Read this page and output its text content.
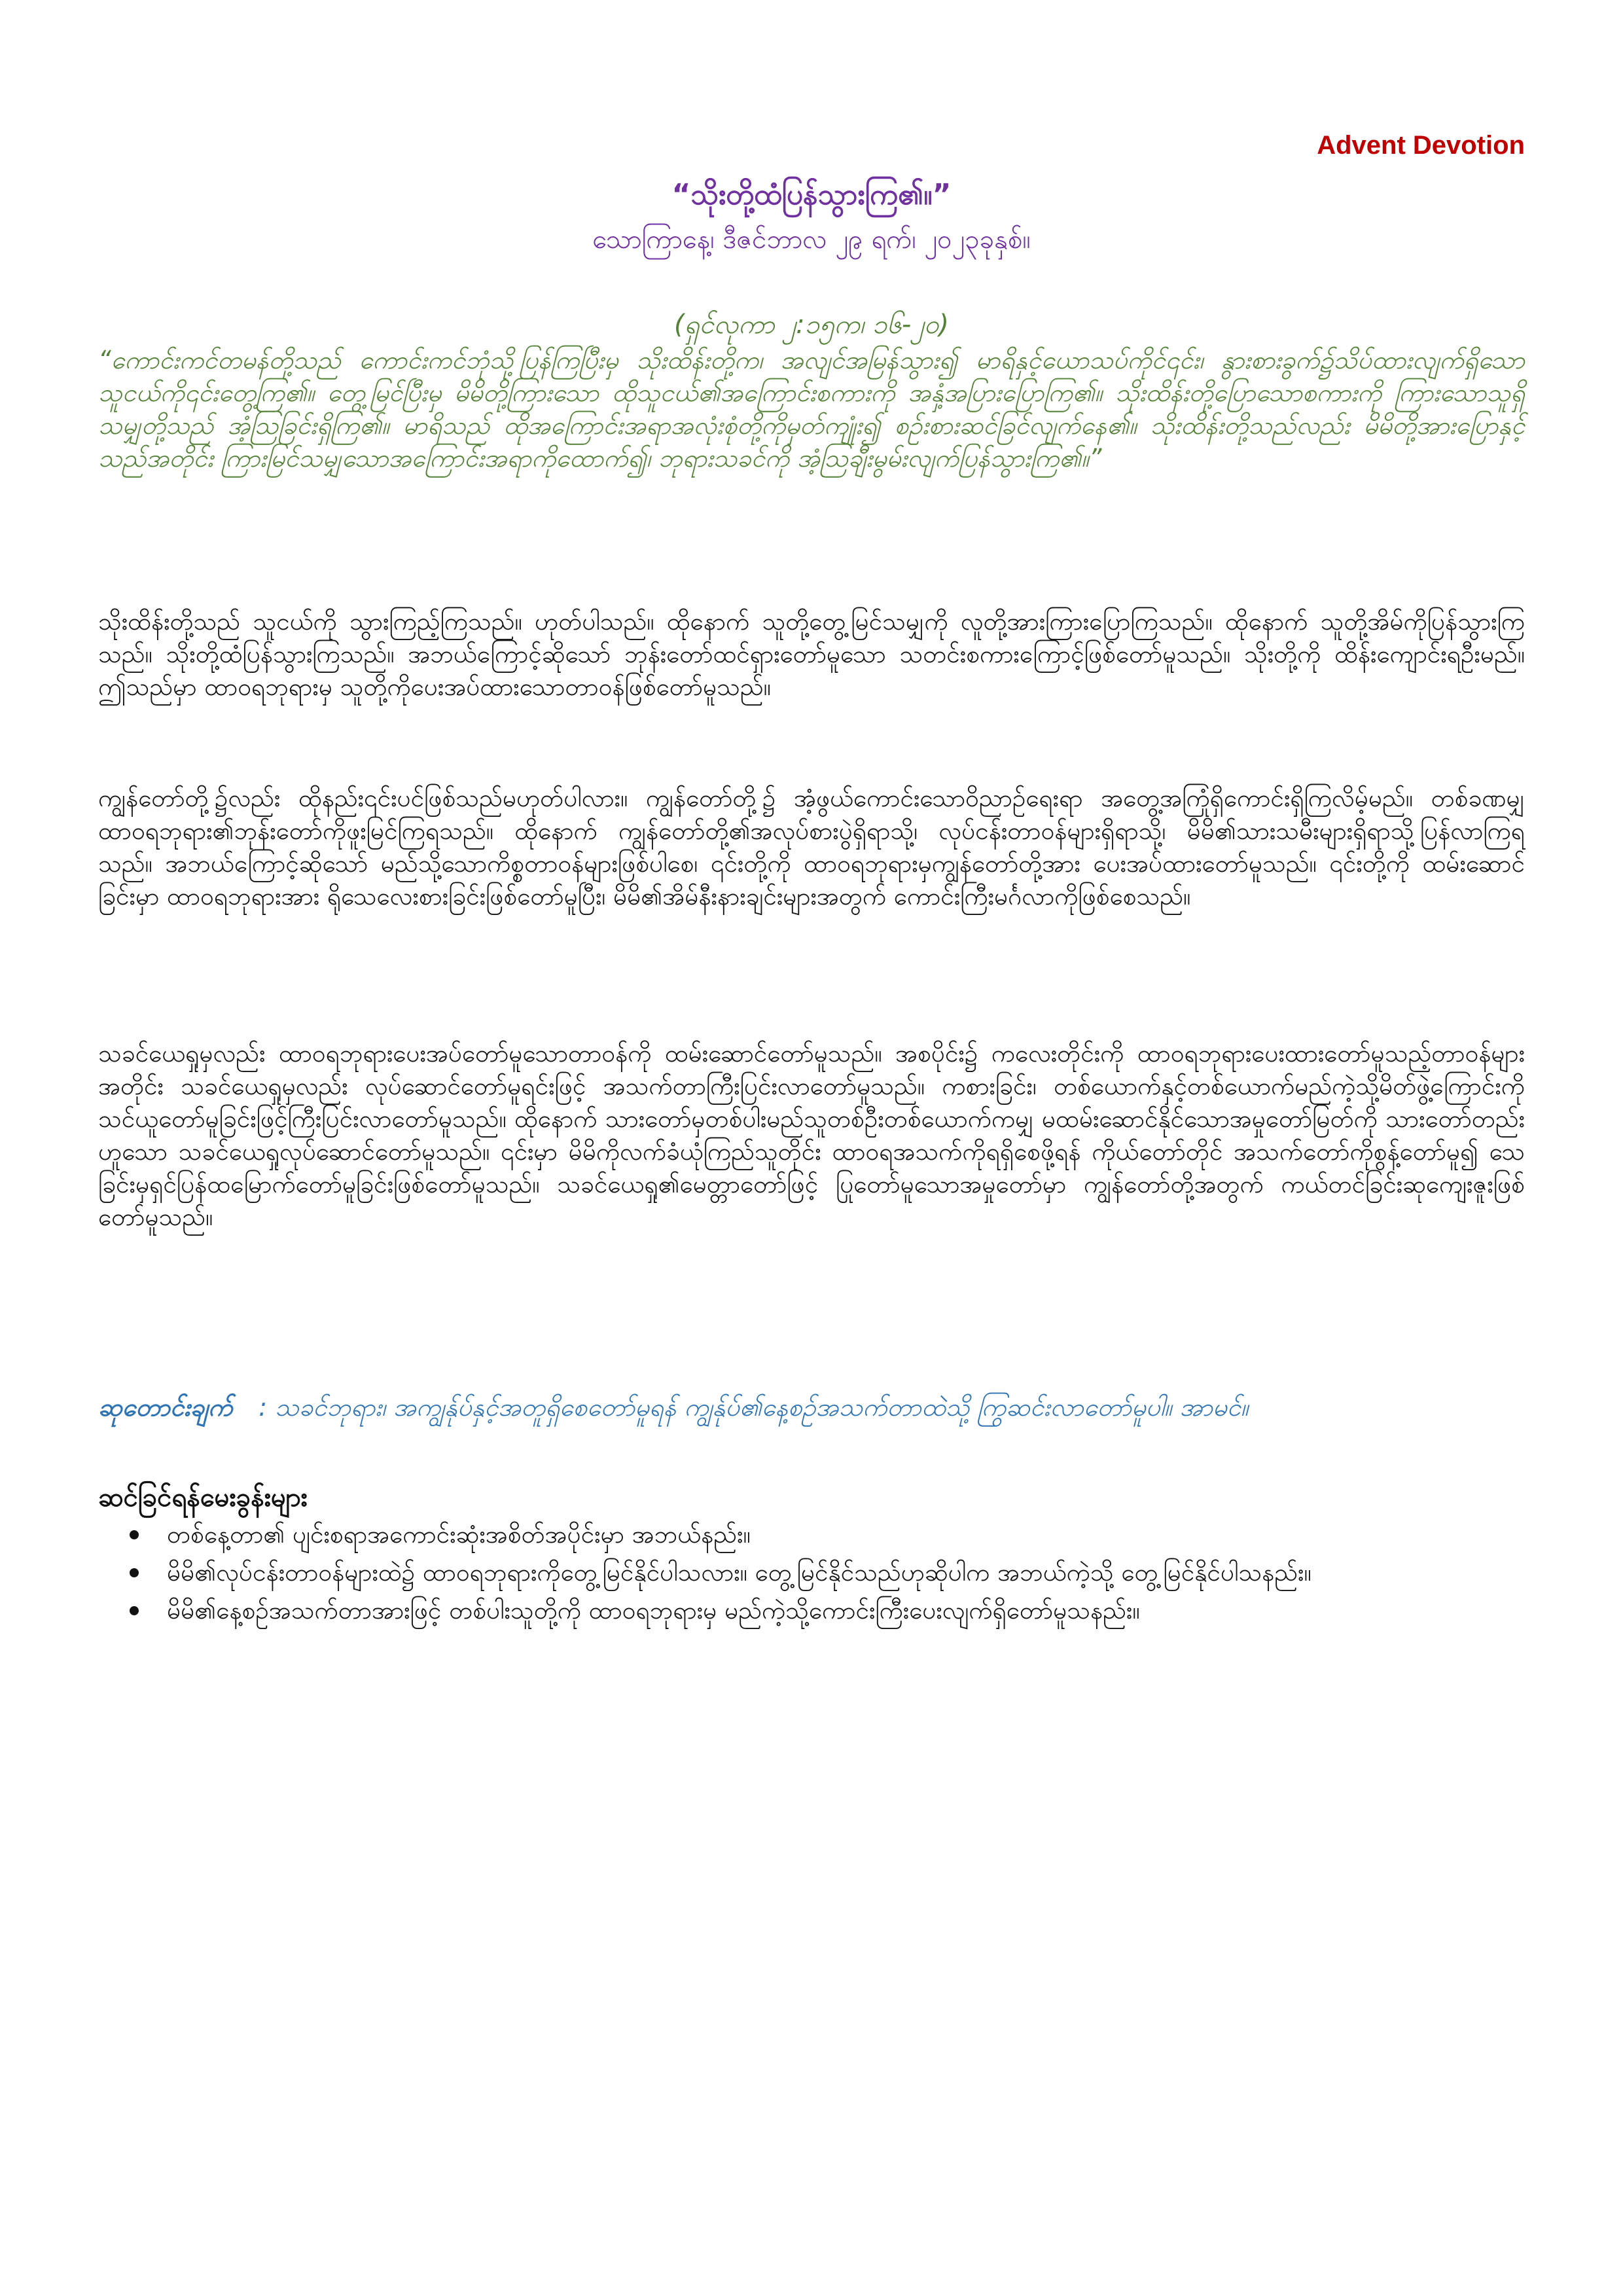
Advent Devotion
“သိုးတို့ထံပြန်သွားကြ၏။”
သောကြာနေ့၊ ဒီဇင်ဘာလ ၂၉ ရက်၊ ၂၀၂၃ခုနှစ်။
(ရှင်လုကာ ၂:၁၅က၊ ၁၆-၂၀)
“ကောင်းကင်တမန်တို့သည် ကောင်းကင်ဘုံသို့ပြန်ကြပြီးမှ သိုးထိန်းတို့က၊ အလျင်အမြန်သွား၍ မာရိနှင့်ယောသပ်ကိုင်၎င်း၊ နွားစားခွက်၌သိပ်ထားလျက်ရှိသော သူငယ်ကို၎င်းတွေ့ကြ၏။ တွေ့မြင်ပြီးမှ မိမိတို့ကြားသော ထိုသူငယ်၏အကြောင်းစကားကို အနှံ့အပြားပြောကြ၏။ သိုးထိန်းတို့ပြောသောစကားကို ကြားသောသူရှိသမျှတို့သည် အံ့သြခြင်းရှိကြ၏။ မာရိသည် ထိုအကြောင်းအရာအလုံးစုံတို့ကိုမှတ်ကျုံး၍ စဉ်းစားဆင်ခြင်လျက်နေ၏။ သိုးထိန်းတို့သည်လည်း မိမိတို့အားပြောနှင့်သည်အတိုင်း ကြားမြင်သမျှသောအကြောင်းအရာကိုထောက်၍၊ ဘုရားသခင်ကို အံ့သြချီးမွမ်းလျက်ပြန်သွားကြ၏။”
သိုးထိန်းတို့သည် သူငယ်ကို သွားကြည့်ကြသည်။ ဟုတ်ပါသည်။ ထိုနောက် သူတို့တွေ့မြင်သမျှကို လူတို့အားကြားပြောကြသည်။ ထိုနောက် သူတို့အိမ်ကိုပြန်သွားကြသည်။ သိုးတို့ထံပြန်သွားကြသည်။ အဘယ်ကြောင့်ဆိုသော် ဘုန်းတော်ထင်ရှားတော်မူသော သတင်းစကားကြောင့်ဖြစ်တော်မူသည်။ သိုးတို့ကို ထိန်းကျောင်းရဦးမည်။ ဤသည်မှာ ထာဝရဘုရားမှ သူတို့ကိုပေးအပ်ထားသောတာဝန်ဖြစ်တော်မူသည်။
ကျွန်တော်တို့၌လည်း ထိုနည်း၎င်းပင်ဖြစ်သည်မဟုတ်ပါလား။ ကျွန်တော်တို့၌ အံ့ဖွယ်ကောင်းသောဝိညာဉ်ရေးရာ အတွေ့အကြုံရှိကောင်းရှိကြလိမ့်မည်။ တစ်ခဏမျှ ထာဝရဘုရား၏ဘုန်းတော်ကိုဖူးမြင်ကြရသည်။ ထိုနောက် ကျွန်တော်တို့၏အလုပ်စားပွဲရှိရာသို့၊ လုပ်ငန်းတာဝန်များရှိရာသို့၊ မိမိ၏သားသမီးများရှိရာသို့ပြန်လာကြရသည်။ အဘယ်ကြောင့်ဆိုသော် မည်သို့သောကိစ္စတာဝန်များဖြစ်ပါစေ၊ ၎င်းတို့ကို ထာဝရဘုရားမှကျွန်တော်တို့အား ပေးအပ်ထားတော်မူသည်။ ၎င်းတို့ကို ထမ်းဆောင်ခြင်းမှာ ထာဝရဘုရားအား ရိုသေလေးစားခြင်းဖြစ်တော်မူပြီး၊ မိမိ၏အိမ်နီးနားချင်းများအတွက် ကောင်းကြီးမင်္ဂလာကိုဖြစ်စေသည်။
သခင်ယေရှုမှလည်း ထာဝရဘုရားပေးအပ်တော်မူသောတာဝန်ကို ထမ်းဆောင်တော်မူသည်။ အစပိုင်း၌ ကလေးတိုင်းကို ထာဝရဘုရားပေးထားတော်မူသည့်တာဝန်များအတိုင်း သခင်ယေရှုမှလည်း လုပ်ဆောင်တော်မူရင်းဖြင့် အသက်တာကြီးပြင်းလာတော်မူသည်။ ကစားခြင်း၊ တစ်ယောက်နှင့်တစ်ယောက်မည်ကဲ့သို့မိတ်ဖွဲ့ကြောင်းကို သင်ယူတော်မူခြင်းဖြင့်ကြီးပြင်းလာတော်မူသည်။ ထိုနောက် သားတော်မှတစ်ပါးမည်သူတစ်ဦးတစ်ယောက်ကမျှ မထမ်းဆောင်နိုင်သောအမှုတော်မြတ်ကို သားတော်တည်းဟူသော သခင်ယေရှုလုပ်ဆောင်တော်မူသည်။ ၎င်းမှာ မိမိကိုလက်ခံယုံကြည်သူတိုင်း ထာဝရအသက်ကိုရရှိစေဖို့ရန် ကိုယ်တော်တိုင် အသက်တော်ကိုစွန့်တော်မူ၍ သေခြင်းမှရှင်ပြန်ထမြောက်တော်မူခြင်းဖြစ်တော်မူသည်။ သခင်ယေရှု၏မေတ္တာတော်ဖြင့် ပြုတော်မူသောအမှုတော်မှာ ကျွန်တော်တို့အတွက် ကယ်တင်ခြင်းဆုကျေးဇူးဖြစ်တော်မူသည်။
ဆုတောင်းချက် : သခင်ဘုရား၊ အကျွန်ုပ်နှင့်အတူရှိစေတော်မူရန် ကျွန်ုပ်၏နေ့စဉ်အသက်တာထဲသို့ ကြွဆင်းလာတော်မူပါ။ အာမင်။
ဆင်ခြင်ရန်မေးခွန်းများ
တစ်နေ့တာ၏ ပျင်းစရာအကောင်းဆုံးအစိတ်အပိုင်းမှာ အဘယ်နည်း။
မိမိ၏လုပ်ငန်းတာဝန်များထဲ၌ ထာဝရဘုရားကိုတွေ့မြင်နိုင်ပါသလား။ တွေ့မြင်နိုင်သည်ဟုဆိုပါက အဘယ်ကဲ့သို့ တွေ့မြင်နိုင်ပါသနည်း။
မိမိ၏နေ့စဉ်အသက်တာအားဖြင့် တစ်ပါးသူတို့ကို ထာဝရဘုရားမှ မည်ကဲ့သို့ကောင်းကြီးပေးလျက်ရှိတော်မူသနည်း။
